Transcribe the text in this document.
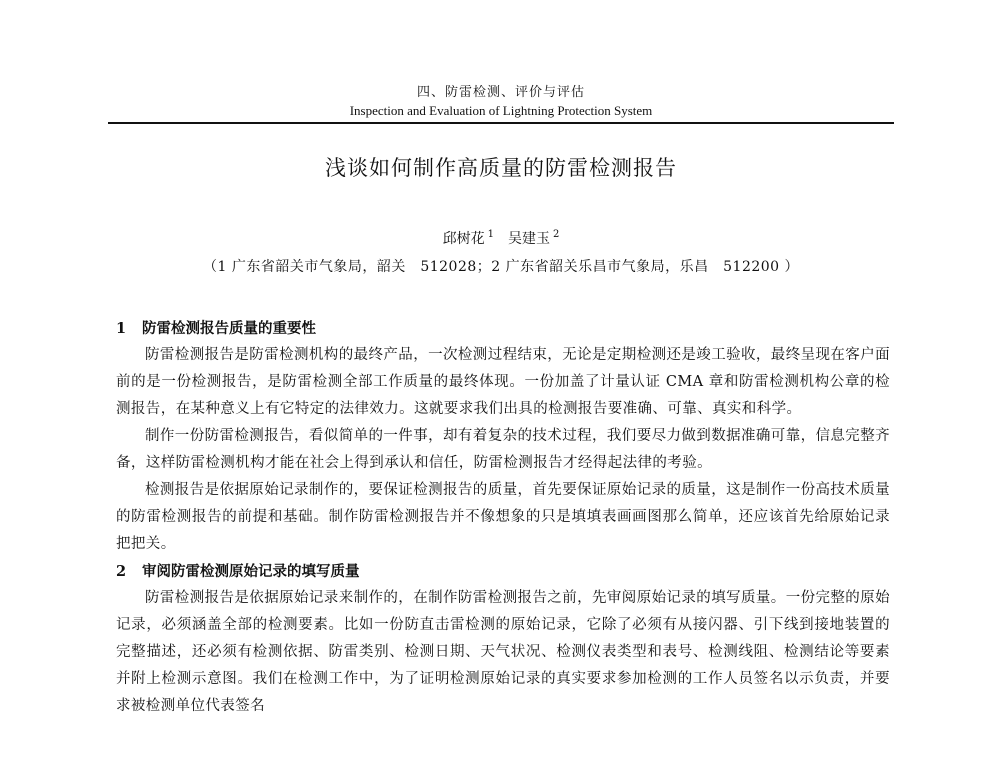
四、防雷检测、评价与评估
Inspection and Evaluation of Lightning Protection System
浅谈如何制作高质量的防雷检测报告
邱树花 $^1$ 吴建玉 $^2$
（1 广东省韶关市气象局，韶关　512028；2 广东省韶关乐昌市气象局，乐昌　512200 ）
1 防雷检测报告质量的重要性

防雷检测报告是防雷检测机构的最终产品，一次检测过程结束，无论是定期检测还是竣工验收，最终呈现在客户面前的是一份检测报告，是防雷检测全部工作质量的最终体现。一份加盖了计量认证 CMA 章和防雷检测机构公章的检测报告，在某种意义上有它特定的法律效力。这就要求我们出具的检测报告要准确、可靠、真实和科学。

制作一份防雷检测报告，看似简单的一件事，却有着复杂的技术过程，我们要尽力做到数据准确可靠，信息完整齐备，这样防雷检测机构才能在社会上得到承认和信任，防雷检测报告才经得起法律的考验。

检测报告是依据原始记录制作的，要保证检测报告的质量，首先要保证原始记录的质量，这是制作一份高技术质量的防雷检测报告的前提和基础。制作防雷检测报告并不像想象的只是填填表画画图那么简单，还应该首先给原始记录把把关。

2 审阅防雷检测原始记录的填写质量

防雷检测报告是依据原始记录来制作的，在制作防雷检测报告之前，先审阅原始记录的填写质量。一份完整的原始记录，必须涵盖全部的检测要素。比如一份防直击雷检测的原始记录，它除了必须有从接闪器、引下线到接地装置的完整描述，还必须有检测依据、防雷类别、检测日期、天气状况、检测仪表类型和表号、检测线阻、检测结论等要素并附上检测示意图。我们在检测工作中，为了证明检测原始记录的真实要求参加检测的工作人员签名以示负责，并要求被检测单位代表签名
